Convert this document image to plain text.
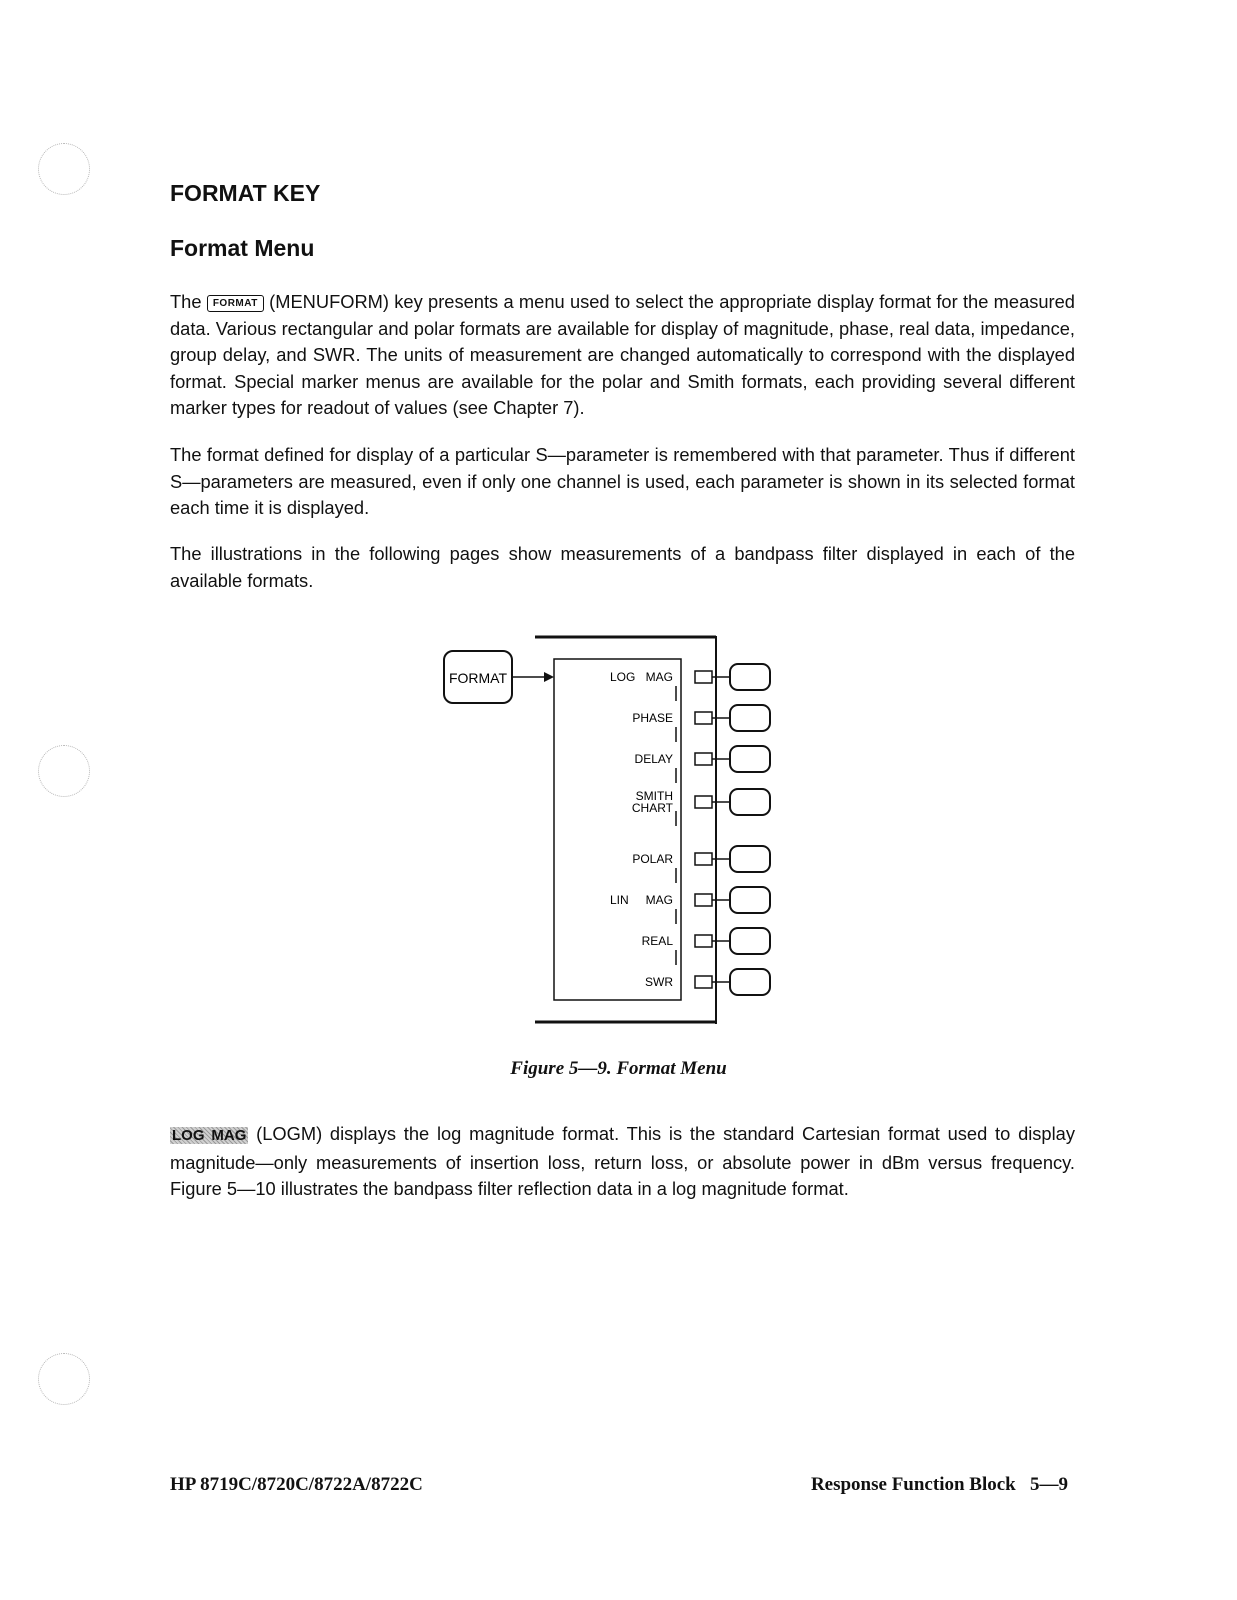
FORMAT KEY
Format Menu

The FORMAT (MENUFORM) key presents a menu used to select the appropriate display format for the measured data. Various rectangular and polar formats are available for display of magnitude, phase, real data, impedance, group delay, and SWR. The units of measurement are changed automatically to correspond with the displayed format. Special marker menus are available for the polar and Smith formats, each providing several different marker types for readout of values (see Chapter 7).

The format defined for display of a particular S—parameter is remembered with that parameter. Thus if different S—parameters are measured, even if only one channel is used, each parameter is shown in its selected format each time it is displayed.

The illustrations in the following pages show measurements of a bandpass filter displayed in each of the available formats.

FORMAT	LOG MAG
PHASE
DELAY
SMITH
CHART
POLAR
LIN MAG
REAL
SWR

Figure 5—9. Format Menu

LOG MAG (LOGM) displays the log magnitude format. This is the standard Cartesian format used to display magnitude—only measurements of insertion loss, return loss, or absolute power in dBm versus frequency. Figure 5—10 illustrates the bandpass filter reflection data in a log magnitude format.

HP 8719C/8720C/8722A/8722C	Response Function Block   5—9
